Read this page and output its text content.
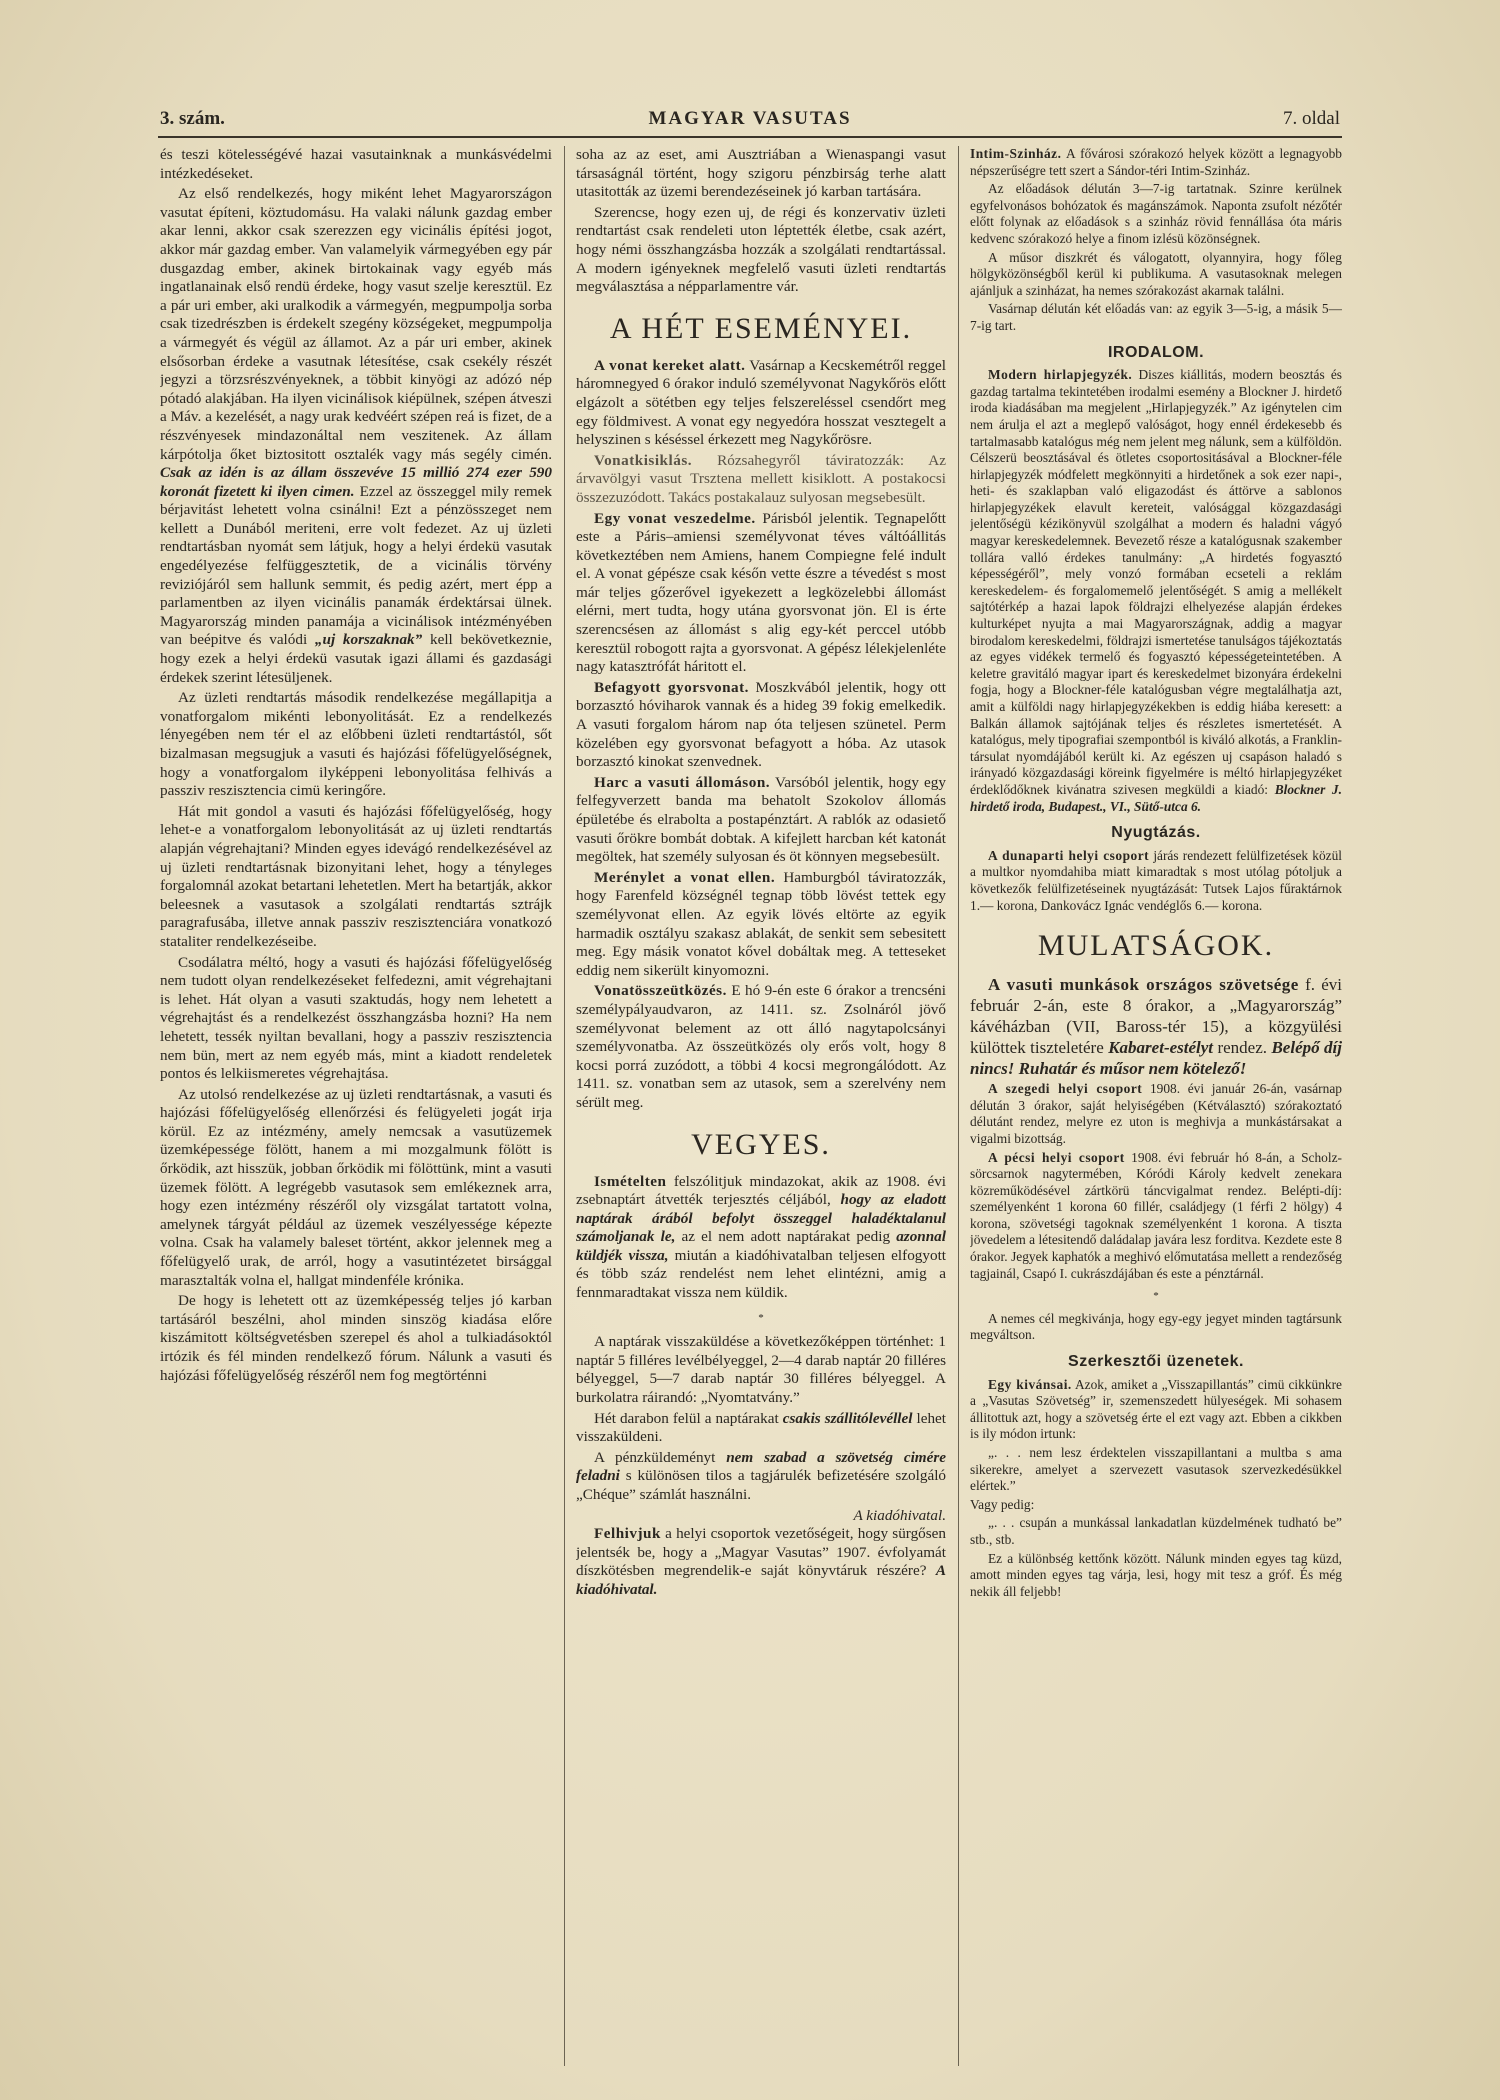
3. szám.	MAGYAR VASUTAS	7. oldal

és teszi kötelességévé hazai vasutainknak a munkásvédelmi intézkedéseket.

Az első rendelkezés, hogy miként lehet Magyarországon vasutat építeni, köztudomásu. Ha valaki nálunk gazdag ember akar lenni, akkor csak szerezzen egy vicinális építési jogot, akkor már gazdag ember. Van valamelyik vármegyében egy pár dusgazdag ember, akinek birtokainak vagy egyéb más ingatlanainak első rendü érdeke, hogy vasut szelje keresztül. Ez a pár uri ember, aki uralkodik a vármegyén, megpumpolja sorba csak tizedrészben is érdekelt szegény községeket, megpumpolja a vármegyét és végül az államot. Az a pár uri ember, akinek elsősorban érdeke a vasutnak létesítése, csak csekély részét jegyzi a törzsrészvényeknek, a többit kinyögi az adózó nép pótadó alakjában. Ha ilyen vicinálisok kiépülnek, szépen átveszi a Máv. a kezelését, a nagy urak kedvéért szépen reá is fizet, de a részvényesek mindazonáltal nem veszitenek. Az állam kárpótolja őket biztositott osztalék vagy más segély cimén. Csak az idén is az állam összevéve 15 millió 274 ezer 590 koronát fizetett ki ilyen cimen. Ezzel az összeggel mily remek bérjavitást lehetett volna csinálni! Ezt a pénzösszeget nem kellett a Dunából meriteni, erre volt fedezet. Az uj üzleti rendtartásban nyomát sem látjuk, hogy a helyi érdekü vasutak engedélyezése felfüggesztetik, de a vicinális törvény reviziójáról sem hallunk semmit, és pedig azért, mert épp a parlamentben az ilyen vicinális panamák érdektársai ülnek. Magyarország minden panamája a vicinálisok intézményében van beépitve és valódi „uj korszaknak” kell bekövetkeznie, hogy ezek a helyi érdekü vasutak igazi állami és gazdasági érdekek szerint létesüljenek.

Az üzleti rendtartás második rendelkezése megállapitja a vonatforgalom mikénti lebonyolitását. Ez a rendelkezés lényegében nem tér el az előbbeni üzleti rendtartástól, sőt bizalmasan megsugjuk a vasuti és hajózási főfelügyelőségnek, hogy a vonatforgalom ilyképpeni lebonyolitása felhivás a passziv reszisztencia cimü keringőre.

Hát mit gondol a vasuti és hajózási főfelügyelőség, hogy lehet-e a vonatforgalom lebonyolitását az uj üzleti rendtartás alapján végrehajtani? Minden egyes idevágó rendelkezésével az uj üzleti rendtartásnak bizonyitani lehet, hogy a tényleges forgalomnál azokat betartani lehetetlen. Mert ha betartják, akkor beleesnek a vasutasok a szolgálati rendtartás sztrájk paragrafusába, illetve annak passziv reszisztenciára vonatkozó stataliter rendelkezéseibe.

Csodálatra méltó, hogy a vasuti és hajózási főfelügyelőség nem tudott olyan rendelkezéseket felfedezni, amit végrehajtani is lehet. Hát olyan a vasuti szaktudás, hogy nem lehetett a végrehajtást és a rendelkezést összhangzásba hozni? Ha nem lehetett, tessék nyiltan bevallani, hogy a passziv reszisztencia nem bün, mert az nem egyéb más, mint a kiadott rendeletek pontos és lelkiismeretes végrehajtása.

Az utolsó rendelkezése az uj üzleti rendtartásnak, a vasuti és hajózási főfelügyelőség ellenőrzési és felügyeleti jogát irja körül. Ez az intézmény, amely nemcsak a vasutüzemek üzemképessége fölött, hanem a mi mozgalmunk fölött is őrködik, azt hisszük, jobban őrködik mi fölöttünk, mint a vasuti üzemek fölött. A legrégebb vasutasok sem emlékeznek arra, hogy ezen intézmény részéről oly vizsgálat tartatott volna, amelynek tárgyát például az üzemek veszélyessége képezte volna. Csak ha valamely baleset történt, akkor jelennek meg a főfelügyelő urak, de arról, hogy a vasutintézetet birsággal marasztalták volna el, hallgat mindenféle krónika.

De hogy is lehetett ott az üzemképesség teljes jó karban tartásáról beszélni, ahol minden sinszög kiadása előre kiszámitott költségvetésben szerepel és ahol a tulkiadásoktól irtózik és fél minden rendelkező fórum. Nálunk a vasuti és hajózási főfelügyelőség részéről nem fog megtörténni

soha az az eset, ami Ausztriában a Wienaspangi vasut társaságnál történt, hogy szigoru pénzbirság terhe alatt utasitották az üzemi berendezéseinek jó karban tartására.

Szerencse, hogy ezen uj, de régi és konzervativ üzleti rendtartást csak rendeleti uton léptették életbe, csak azért, hogy némi összhangzásba hozzák a szolgálati rendtartással. A modern igényeknek megfelelő vasuti üzleti rendtartás megválasztása a népparlamentre vár.

A HÉT ESEMÉNYEI.

A vonat kereket alatt. Vasárnap a Kecskemétről reggel háromnegyed 6 órakor induló személyvonat Nagykőrös előtt elgázolt a sötétben egy teljes felszereléssel csendőrt meg egy földmivest. A vonat egy negyedóra hosszat vesztegelt a helyszinen s késéssel érkezett meg Nagykőrösre.

Vonatkisiklás. Rózsahegyről táviratozzák: Az árvavölgyi vasut Trsztena mellett kisiklott. A postakocsi összezuzódott. Takács postakalauz sulyosan megsebesült.

Egy vonat veszedelme. Párisból jelentik. Tegnapelőtt este a Páris–amiensi személyvonat téves váltóállitás következtében nem Amiens, hanem Compiegne felé indult el. A vonat gépésze csak későn vette észre a tévedést s most már teljes gőzerővel igyekezett a legközelebbi állomást elérni, mert tudta, hogy utána gyorsvonat jön. El is érte szerencsésen az állomást s alig egy-két perccel utóbb keresztül robogott rajta a gyorsvonat. A gépész lélekjelenléte nagy katasztrófát háritott el.

Befagyott gyorsvonat. Moszkvából jelentik, hogy ott borzasztó hóviharok vannak és a hideg 39 fokig emelkedik. A vasuti forgalom három nap óta teljesen szünetel. Perm közelében egy gyorsvonat befagyott a hóba. Az utasok borzasztó kinokat szenvednek.

Harc a vasuti állomáson. Varsóból jelentik, hogy egy felfegyverzett banda ma behatolt Szokolov állomás épületébe és elrabolta a postapénztárt. A rablók az odasiető vasuti őrökre bombát dobtak. A kifejlett harcban két katonát megöltek, hat személy sulyosan és öt könnyen megsebesült.

Merénylet a vonat ellen. Hamburgból táviratozzák, hogy Farenfeld községnél tegnap több lövést tettek egy személyvonat ellen. Az egyik lövés eltörte az egyik harmadik osztályu szakasz ablakát, de senkit sem sebesitett meg. Egy másik vonatot kővel dobáltak meg. A tetteseket eddig nem sikerült kinyomozni.

Vonatösszeütközés. E hó 9-én este 6 órakor a trencséni személypályaudvaron, az 1411. sz. Zsolnáról jövő személyvonat belement az ott álló nagytapolcsányi személyvonatba. Az összeütközés oly erős volt, hogy 8 kocsi porrá zuzódott, a többi 4 kocsi megrongálódott. Az 1411. sz. vonatban sem az utasok, sem a szerelvény nem sérült meg.

VEGYES.

Ismételten felszólitjuk mindazokat, akik az 1908. évi zsebnaptárt átvették terjesztés céljából, hogy az eladott naptárak árából befolyt összeggel haladéktalanul számoljanak le, az el nem adott naptárakat pedig azonnal küldjék vissza, miután a kiadóhivatalban teljesen elfogyott és több száz rendelést nem lehet elintézni, amig a fennmaradtakat vissza nem küldik.

*

A naptárak visszaküldése a következőképpen történhet: 1 naptár 5 filléres levélbélyeggel, 2—4 darab naptár 20 filléres bélyeggel, 5—7 darab naptár 30 filléres bélyeggel. A burkolatra ráirandó: „Nyomtatvány.”

Hét darabon felül a naptárakat csakis szállitólevéllel lehet visszaküldeni.

A pénzküldeményt nem szabad a szövetség cimére feladni s különösen tilos a tagjárulék befizetésére szolgáló „Chéque” számlát használni.

A kiadóhivatal.

Felhivjuk a helyi csoportok vezetőségeit, hogy sürgősen jelentsék be, hogy a „Magyar Vasutas” 1907. évfolyamát díszkötésben megrendelik-e saját könyvtáruk részére? A kiadóhivatal.

Intim-Szinház. A fővárosi szórakozó helyek között a legnagyobb népszerűségre tett szert a Sándor-téri Intim-Szinház.

Az előadások délután 3—7-ig tartatnak. Szinre kerülnek egyfelvonásos bohózatok és magánszámok. Naponta zsufolt nézőtér előtt folynak az előadások s a szinház rövid fennállása óta máris kedvenc szórakozó helye a finom izlésü közönségnek.

A műsor diszkrét és válogatott, olyannyira, hogy főleg hölgyközönségből kerül ki publikuma. A vasutasoknak melegen ajánljuk a szinházat, ha nemes szórakozást akarnak találni.

Vasárnap délután két előadás van: az egyik 3—5-ig, a másik 5—7-ig tart.

IRODALOM.

Modern hirlapjegyzék. Diszes kiállitás, modern beosztás és gazdag tartalma tekintetében irodalmi esemény a Blockner J. hirdető iroda kiadásában ma megjelent „Hirlapjegyzék.” Az igénytelen cim nem árulja el azt a meglepő valóságot, hogy ennél érdekesebb és tartalmasabb katalógus még nem jelent meg nálunk, sem a külföldön. Célszerü beosztásával és ötletes csoportositásával a Blockner-féle hirlapjegyzék módfelett megkönnyiti a hirdetőnek a sok ezer napi-, heti- és szaklapban való eligazodást és áttörve a sablonos hirlapjegyzékek elavult kereteit, valósággal közgazdasági jelentőségü kézikönyvül szolgálhat a modern és haladni vágyó magyar kereskedelemnek. Bevezető része a katalógusnak szakember tollára valló érdekes tanulmány: „A hirdetés fogyasztó képességéről”, mely vonzó formában ecseteli a reklám kereskedelem- és forgalomemelő jelentőségét. S amig a mellékelt sajtótérkép a hazai lapok földrajzi elhelyezése alapján érdekes kulturképet nyujta a mai Magyarországnak, addig a magyar birodalom kereskedelmi, földrajzi ismertetése tanulságos tájékoztatás az egyes vidékek termelő és fogyasztó képességeteintetében. A keletre gravitáló magyar ipart és kereskedelmet bizonyára érdekelni fogja, hogy a Blockner-féle katalógusban végre megtalálhatja azt, amit a külföldi nagy hirlapjegyzékekben is eddig hiába keresett: a Balkán államok sajtójának teljes és részletes ismertetését. A katalógus, mely tipografiai szempontból is kiváló alkotás, a Franklin-társulat nyomdájából került ki. Az egészen uj csapáson haladó s irányadó közgazdasági köreink figyelmére is méltó hirlapjegyzéket érdeklődőknek kivánatra szivesen megküldi a kiadó: Blockner J. hirdető iroda, Budapest., VI., Sütő-utca 6.

Nyugtázás.

A dunaparti helyi csoport járás rendezett felülfizetések közül a multkor nyomdahiba miatt kimaradtak s most utólag pótoljuk a következők felülfizetéseinek nyugtázását: Tutsek Lajos fűraktárnok 1.— korona, Dankovácz Ignác vendéglős 6.— korona.

MULATSÁGOK.

A vasuti munkások országos szövetsége f. évi február 2-án, este 8 órakor, a „Magyarország” kávéházban (VII, Baross-tér 15), a közgyülési külöttek tiszteletére Kabaret-estélyt rendez. Belépő díj nincs! Ruhatár és műsor nem kötelező!

A szegedi helyi csoport 1908. évi január 26-án, vasárnap délután 3 órakor, saját helyiségében (Kétválasztó) szórakoztató délutánt rendez, melyre ez uton is meghivja a munkástársakat a vigalmi bizottság.

A pécsi helyi csoport 1908. évi február hó 8-án, a Scholz-sörcsarnok nagytermében, Kóródi Károly kedvelt zenekara közreműködésével zártkörü táncvigalmat rendez. Belépti-díj: személyenként 1 korona 60 fillér, családjegy (1 férfi 2 hölgy) 4 korona, szövetségi tagoknak személyenként 1 korona. A tiszta jövedelem a létesitendő daládalap javára lesz forditva. Kezdete este 8 órakor. Jegyek kaphatók a meghivó előmutatása mellett a rendezőség tagjainál, Csapó I. cukrászdájában és este a pénztárnál.

*

A nemes cél megkivánja, hogy egy-egy jegyet minden tagtársunk megváltson.

Szerkesztői üzenetek.

Egy kivánsai. Azok, amiket a „Visszapillantás” cimü cikkünkre a „Vasutas Szövetség” ir, szemenszedett hülyeségek. Mi sohasem állitottuk azt, hogy a szövetség érte el ezt vagy azt. Ebben a cikkben is ily módon irtunk:

„. . . nem lesz érdektelen visszapillantani a multba s ama sikerekre, amelyet a szervezett vasutasok szervezkedésükkel elértek.”

Vagy pedig:

„. . . csupán a munkással lankadatlan küzdelmének tudható be” stb., stb.

Ez a különbség kettőnk között. Nálunk minden egyes tag küzd, amott minden egyes tag várja, lesi, hogy mit tesz a gróf. És még nekik áll feljebb!
